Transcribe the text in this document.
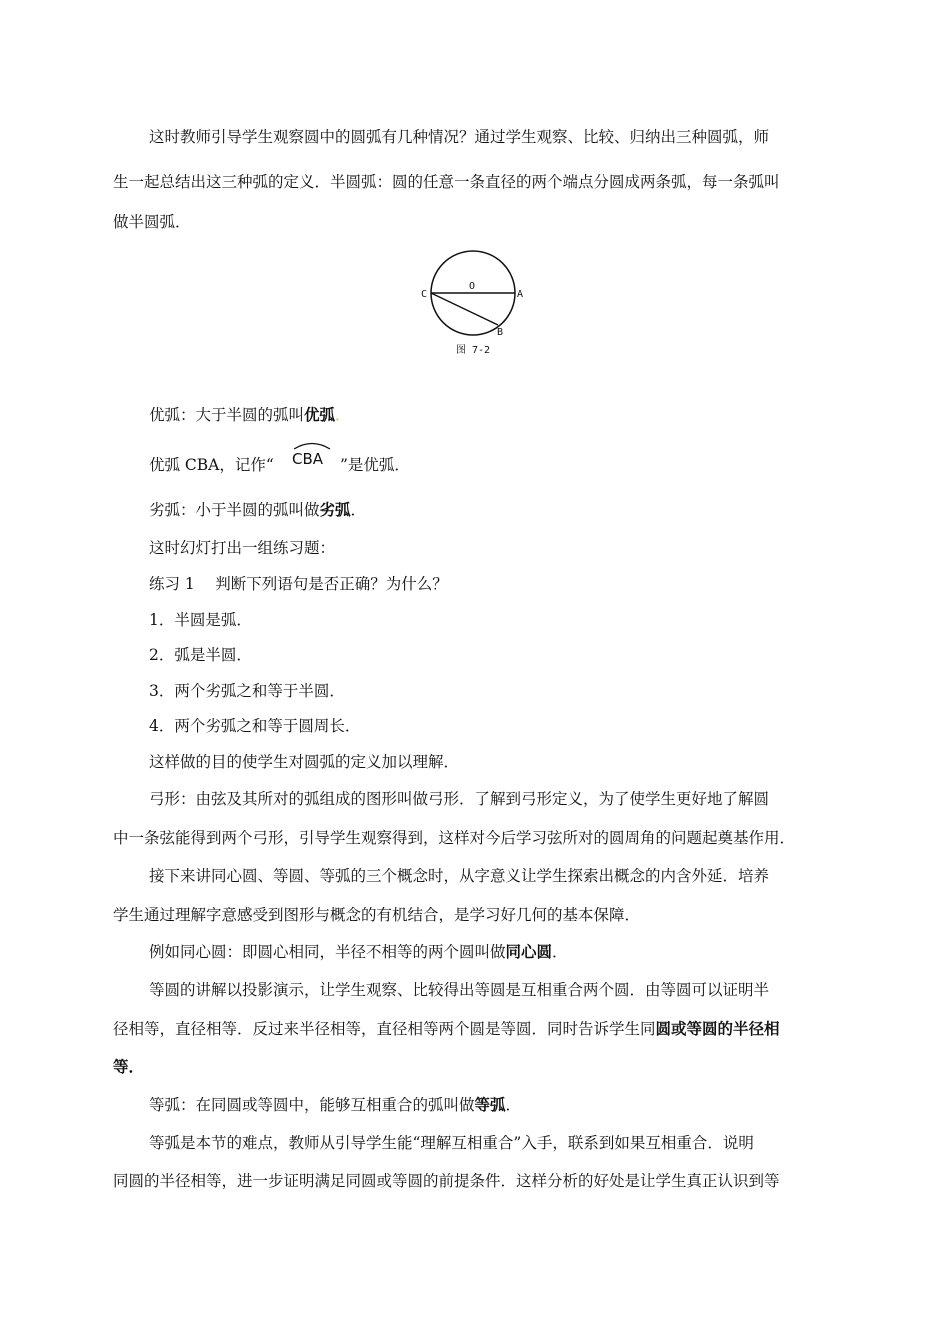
这时教师引导学生观察圆中的圆弧有几种情况？通过学生观察、比较、归纳出三种圆弧，师
生一起总结出这三种弧的定义．半圆弧：圆的任意一条直径的两个端点分圆成两条弧，每一条弧叫
做半圆弧．
C
O
A
B
图 7-2
优弧：大于半圆的弧叫优弧．
优弧 CBA，记作“ CBA ”是优弧．
劣弧：小于半圆的弧叫做劣弧．
这时幻灯打出一组练习题：
练习 1　 判断下列语句是否正确？为什么？
1．半圆是弧．
2．弧是半圆．
3．两个劣弧之和等于半圆．
4．两个劣弧之和等于圆周长．
这样做的目的使学生对圆弧的定义加以理解．
弓形：由弦及其所对的弧组成的图形叫做弓形．了解到弓形定义，为了使学生更好地了解圆
中一条弦能得到两个弓形，引导学生观察得到，这样对今后学习弦所对的圆周角的问题起奠基作用．
接下来讲同心圆、等圆、等弧的三个概念时，从字意义让学生探索出概念的内含外延．培养
学生通过理解字意感受到图形与概念的有机结合，是学习好几何的基本保障．
例如同心圆：即圆心相同，半径不相等的两个圆叫做同心圆．
等圆的讲解以投影演示，让学生观察、比较得出等圆是互相重合两个圆．由等圆可以证明半
径相等，直径相等．反过来半径相等，直径相等两个圆是等圆．同时告诉学生同圆或等圆的半径相
等．
等弧：在同圆或等圆中，能够互相重合的弧叫做等弧．
等弧是本节的难点，教师从引导学生能“理解互相重合”入手，联系到如果互相重合．说明
同圆的半径相等，进一步证明满足同圆或等圆的前提条件．这样分析的好处是让学生真正认识到等
